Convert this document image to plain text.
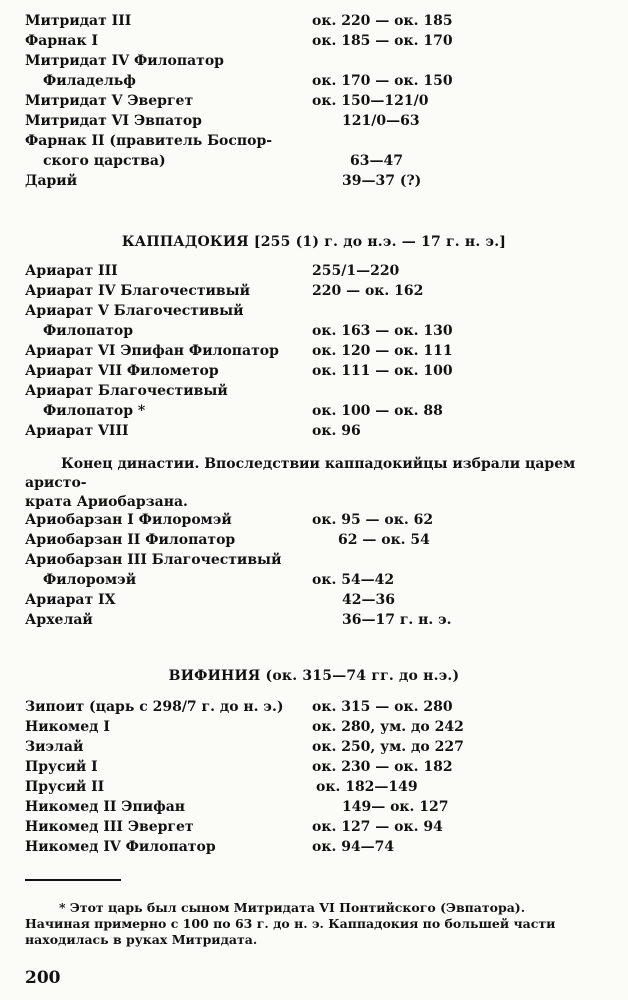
Митридат III	ок. 220 — ок. 185
Фарнак I	ок. 185 — ок. 170
Митридат IV Филопатор
Филадельф	ок. 170 — ок. 150
Митридат V Эвергет	ок. 150—121/0
Митридат VI Эвпатор	121/0—63
Фарнак II (правитель Боспор-
ского царства)	63—47
Дарий	39—37 (?)
КАППАДОКИЯ [255 (1) г. до н.э. — 17 г. н. э.]
Ариарат III	255/1—220
Ариарат IV Благочестивый	220 — ок. 162
Ариарат V Благочестивый
Филопатор	ок. 163 — ок. 130
Ариарат VI Эпифан Филопатор ок. 120 — ок. 111
Ариарат VII Филометор	ок. 111 — ок. 100
Ариарат Благочестивый
Филопатор *	ок. 100 — ок. 88
Ариарат VIII	ок. 96
Конец династии. Впоследствии каппадокийцы избрали царем аристо-
крата Ариобарзана.
Ариобарзан I Филоромэй	ок. 95 — ок. 62
Ариобарзан II Филопатор	62 — ок. 54
Ариобарзан III Благочестивый
Филоромэй	ок. 54—42
Ариарат IX	42—36
Архелай	36—17 г. н. э.
ВИФИНИЯ (ок. 315—74 гг. до н.э.)
Зипоит (царь с 298/7 г. до н. э.) ок. 315 — ок. 280
Никомед I	ок. 280, ум. до 242
Зиэлай	ок. 250, ум. до 227
Прусий I	ок. 230 — ок. 182
Прусий II	ок. 182—149
Никомед II Эпифан	149— ок. 127
Никомед III Эвергет	ок. 127 — ок. 94
Никомед IV Филопатор	ок. 94—74
* Этот царь был сыном Митридата VI Понтийского (Эвпатора).
Начиная примерно с 100 по 63 г. до н. э. Каппадокия по большей части
находилась в руках Митридата.
200
